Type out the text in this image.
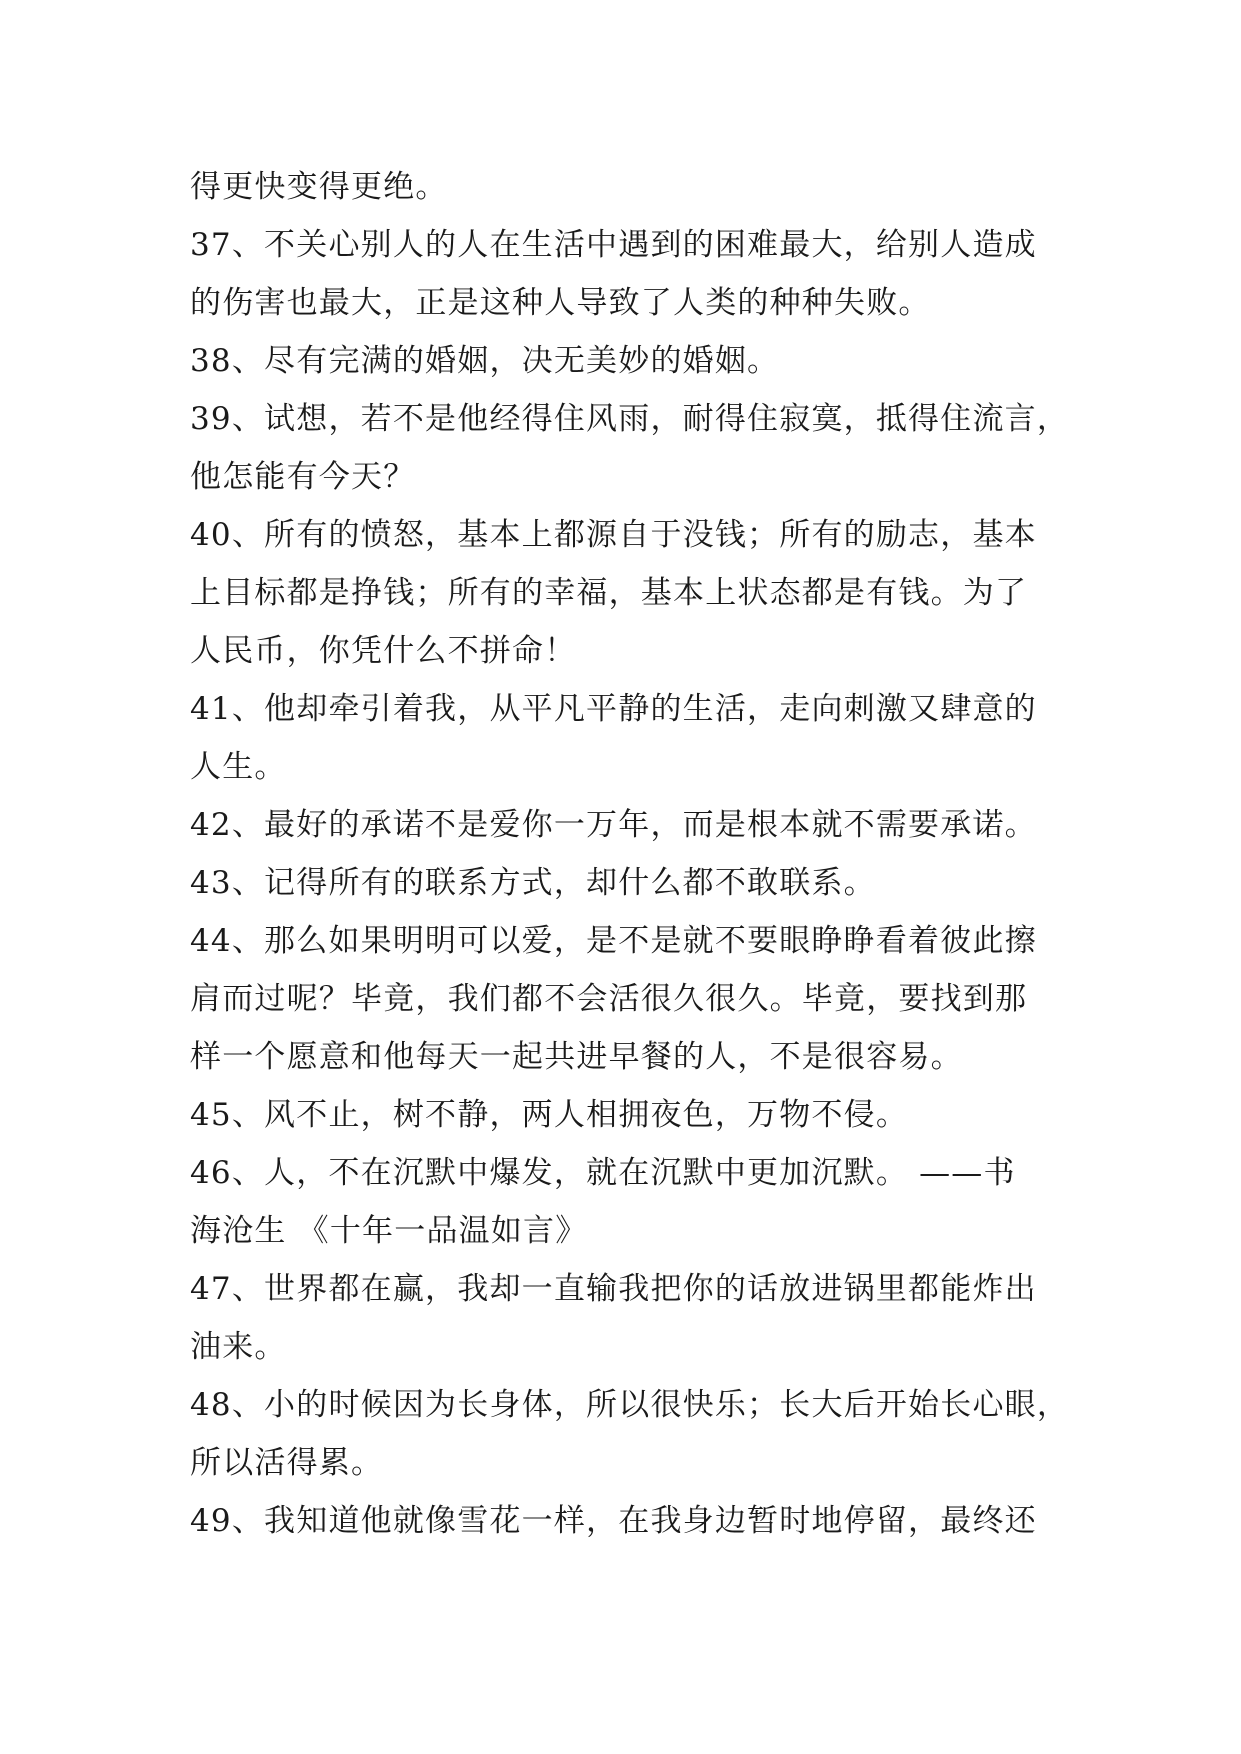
得更快变得更绝。
37、不关心别人的人在生活中遇到的困难最大，给别人造成
的伤害也最大，正是这种人导致了人类的种种失败。
38、尽有完满的婚姻，决无美妙的婚姻。
39、试想，若不是他经得住风雨，耐得住寂寞，抵得住流言，
他怎能有今天？
40、所有的愤怒，基本上都源自于没钱；所有的励志，基本
上目标都是挣钱；所有的幸福，基本上状态都是有钱。为了
人民币，你凭什么不拼命！
41、他却牵引着我，从平凡平静的生活，走向刺激又肆意的
人生。
42、最好的承诺不是爱你一万年，而是根本就不需要承诺。
43、记得所有的联系方式，却什么都不敢联系。
44、那么如果明明可以爱，是不是就不要眼睁睁看着彼此擦
肩而过呢？毕竟，我们都不会活很久很久。毕竟，要找到那
样一个愿意和他每天一起共进早餐的人，不是很容易。
45、风不止，树不静，两人相拥夜色，万物不侵。
46、人，不在沉默中爆发，就在沉默中更加沉默。 ——书
海沧生 《十年一品温如言》
47、世界都在赢，我却一直输我把你的话放进锅里都能炸出
油来。
48、小的时候因为长身体，所以很快乐；长大后开始长心眼，
所以活得累。
49、我知道他就像雪花一样，在我身边暂时地停留，最终还
